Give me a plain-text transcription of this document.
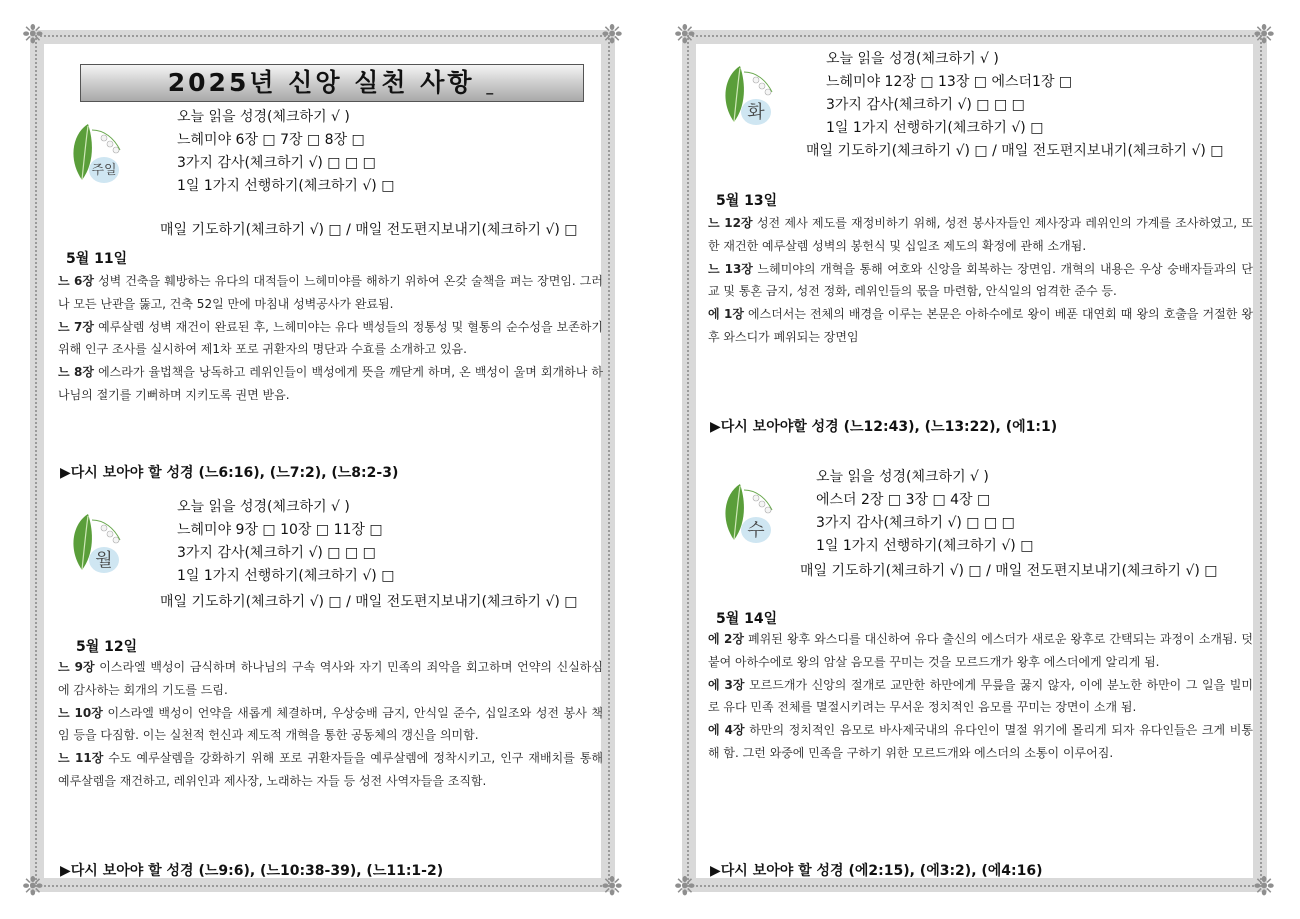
❉	❉
❉	❉
2025년 신앙 실천 사항 _
주일
오늘 읽을 성경(체크하기 √ )
느헤미야 6장 □ 7장 □ 8장 □
3가지 감사(체크하기 √) □ □ □
1일 1가지 선행하기(체크하기 √) □
매일 기도하기(체크하기 √) □ / 매일 전도편지보내기(체크하기 √) □
5월 11일

느 6장 성벽 건축을 훼방하는 유다의 대적들이 느헤미야를 해하기 위하여 온갖 술책을 펴는 장면임. 그러나 모든 난관을 뚫고, 건축 52일 만에 마침내 성벽공사가 완료됨.

느 7장 예루살렘 성벽 재건이 완료된 후, 느헤미야는 유다 백성들의 정통성 및 혈통의 순수성을 보존하기 위해 인구 조사를 실시하여 제1차 포로 귀환자의 명단과 수효를 소개하고 있음.

느 8장 에스라가 율법책을 낭독하고 레위인들이 백성에게 뜻을 깨닫게 하며, 온 백성이 울며 회개하나 하나님의 절기를 기뻐하며 지키도록 권면 받음.

▶다시 보아야 할 성경 (느6:16), (느7:2), (느8:2-3)
월
오늘 읽을 성경(체크하기 √ )
느헤미야 9장 □ 10장 □ 11장 □
3가지 감사(체크하기 √) □ □ □
1일 1가지 선행하기(체크하기 √) □
매일 기도하기(체크하기 √) □ / 매일 전도편지보내기(체크하기 √) □
5월 12일

느 9장 이스라엘 백성이 금식하며 하나님의 구속 역사와 자기 민족의 죄악을 회고하며 언약의 신실하심에 감사하는 회개의 기도를 드림.

느 10장 이스라엘 백성이 언약을 새롭게 체결하며, 우상숭배 금지, 안식일 준수, 십일조와 성전 봉사 책임 등을 다짐함. 이는 실천적 헌신과 제도적 개혁을 통한 공동체의 갱신을 의미함.

느 11장 수도 예루살렘을 강화하기 위해 포로 귀환자들을 예루살렘에 정착시키고, 인구 재배치를 통해 예루살렘을 재건하고, 레위인과 제사장, 노래하는 자들 등 성전 사역자들을 조직함.

▶다시 보아야 할 성경 (느9:6), (느10:38-39), (느11:1-2)
❉	❉
❉	❉
화
오늘 읽을 성경(체크하기 √ )
느헤미야 12장 □ 13장 □ 에스더1장 □
3가지 감사(체크하기 √) □ □ □
1일 1가지 선행하기(체크하기 √) □
매일 기도하기(체크하기 √) □ / 매일 전도편지보내기(체크하기 √) □
5월 13일

느 12장 성전 제사 제도를 재정비하기 위해, 성전 봉사자들인 제사장과 레위인의 가계를 조사하였고, 또한 재건한 예루살렘 성벽의 봉헌식 및 십일조 제도의 확정에 관해 소개됨.

느 13장 느헤미야의 개혁을 통해 여호와 신앙을 회복하는 장면임. 개혁의 내용은 우상 숭배자들과의 단교 및 통혼 금지, 성전 정화, 레위인들의 몫을 마련함, 안식일의 엄격한 준수 등.

에 1장 에스더서는 전체의 배경을 이루는 본문은 아하수에로 왕이 베푼 대연회 때 왕의 호출을 거절한 왕후 와스디가 폐위되는 장면임

▶다시 보아야할 성경 (느12:43), (느13:22), (에1:1)
수
오늘 읽을 성경(체크하기 √ )
에스더 2장 □ 3장 □ 4장 □
3가지 감사(체크하기 √) □ □ □
1일 1가지 선행하기(체크하기 √) □
매일 기도하기(체크하기 √) □ / 매일 전도편지보내기(체크하기 √) □
5월 14일

에 2장 폐위된 왕후 와스디를 대신하여 유다 출신의 에스더가 새로운 왕후로 간택되는 과정이 소개됨. 덧붙여 아하수에로 왕의 암살 음모를 꾸미는 것을 모르드개가 왕후 에스더에게 알리게 됨.

에 3장 모르드개가 신앙의 절개로 교만한 하만에게 무릎을 꿇지 않자, 이에 분노한 하만이 그 일을 빌미로 유다 민족 전체를 멸절시키려는 무서운 정치적인 음모를 꾸미는 장면이 소개 됨.

에 4장 하만의 정치적인 음모로 바사제국내의 유다인이 멸절 위기에 몰리게 되자 유다인들은 크게 비통해 함. 그런 와중에 민족을 구하기 위한 모르드개와 에스더의 소통이 이루어짐.

▶다시 보아야 할 성경 (에2:15), (에3:2), (에4:16)
